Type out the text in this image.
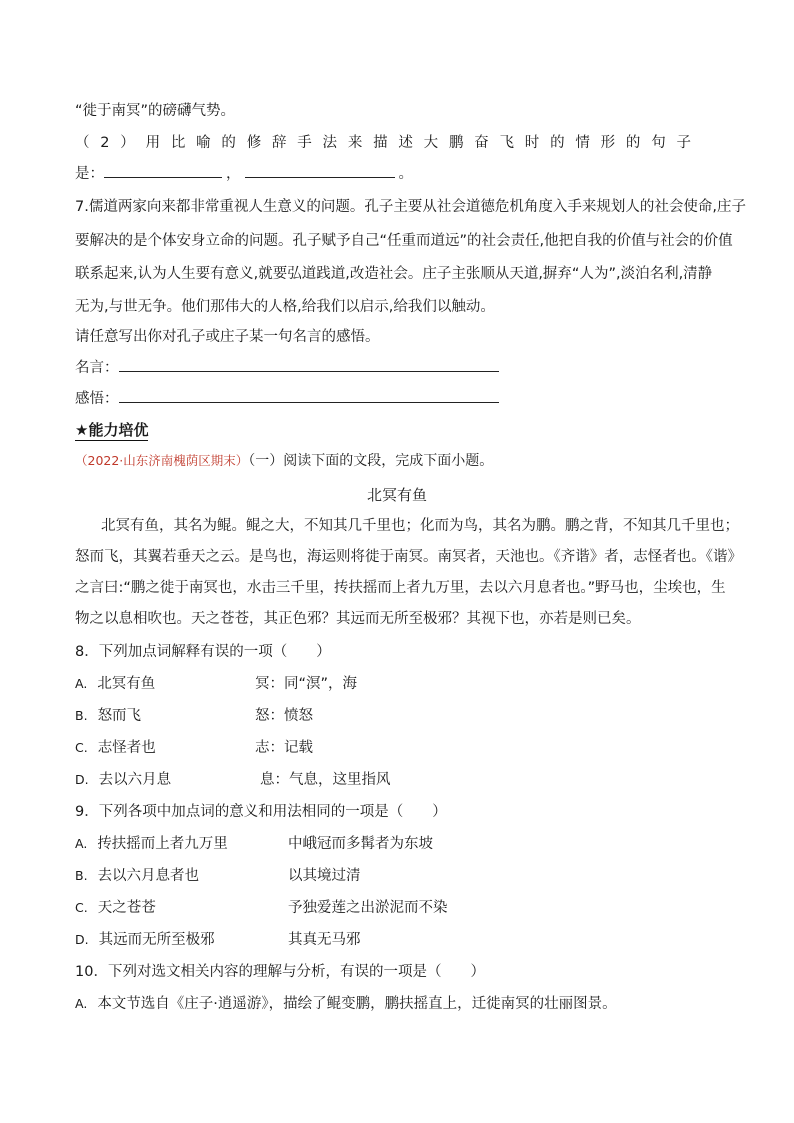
“徙于南冥”的磅礴气势。
（ 2 ） 用 比 喻 的 修 辞 手 法 来 描 述 大 鹏 奋 飞 时 的 情 形 的 句 子
是：	，	。
7.儒道两家向来都非常重视人生意义的问题。孔子主要从社会道德危机角度入手来规划人的社会使命,庄子
要解决的是个体安身立命的问题。孔子赋予自己“任重而道远”的社会责任,他把自我的价值与社会的价值
联系起来,认为人生要有意义,就要弘道践道,改造社会。庄子主张顺从天道,摒弃“人为”,淡泊名利,清静
无为,与世无争。他们那伟大的人格,给我们以启示,给我们以触动。
请任意写出你对孔子或庄子某一句名言的感悟。
名言：
感悟：
★能力培优
（2022·山东济南槐荫区期末）（一）阅读下面的文段，完成下面小题。
北冥有鱼
北冥有鱼，其名为鲲。鲲之大，不知其几千里也；化而为鸟，其名为鹏。鹏之背，不知其几千里也；
怒而飞，其翼若垂天之云。是鸟也，海运则将徙于南冥。南冥者，天池也。《齐谐》者，志怪者也。《谐》
之言曰:“鹏之徙于南冥也，水击三千里，抟扶摇而上者九万里，去以六月息者也。”野马也，尘埃也，生
物之以息相吹也。天之苍苍，其正色邪？其远而无所至极邪？其视下也，亦若是则已矣。
8．下列加点词解释有误的一项（　　）
A. 北冥有鱼	冥：同“溟”，海
B. 怒而飞	怒：愤怒
C. 志怪者也	志：记载
D. 去以六月息	息：气息，这里指风
9．下列各项中加点词的意义和用法相同的一项是（　　）
A. 抟扶摇而上者九万里	中峨冠而多髯者为东坡
B. 去以六月息者也	以其境过清
C. 天之苍苍	予独爱莲之出淤泥而不染
D. 其远而无所至极邪	其真无马邪
10．下列对选文相关内容的理解与分析，有误的一项是（　　）
A. 本文节选自《庄子·逍遥游》，描绘了鲲变鹏，鹏扶摇直上，迁徙南冥的壮丽图景。
